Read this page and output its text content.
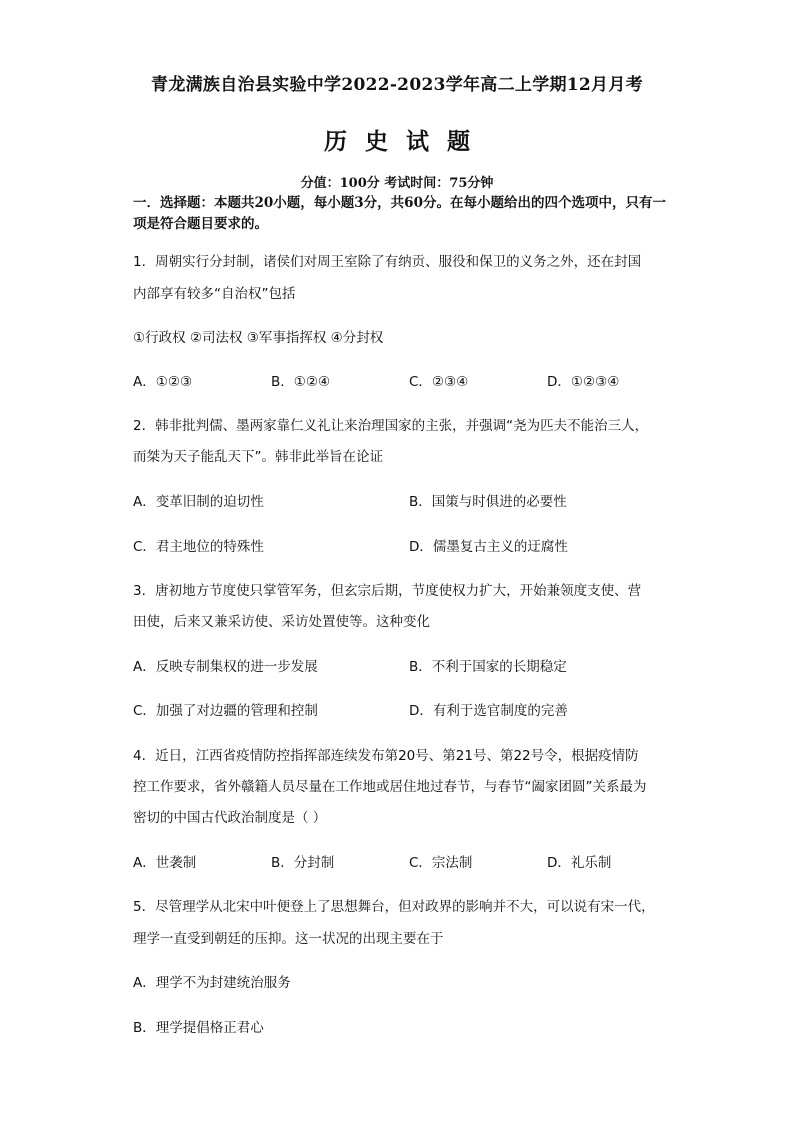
青龙满族自治县实验中学2022-2023学年高二上学期12月月考
历史试题
分值：100分 考试时间：75分钟
一．选择题：本题共20小题，每小题3分，共60分。在每小题给出的四个选项中，只有一项是符合题目要求的。
1．周朝实行分封制，诸侯们对周王室除了有纳贡、服役和保卫的义务之外，还在封国
内部享有较多“自治权”包括
①行政权 ②司法权 ③军事指挥权 ④分封权
A．①②③	B．①②④	C．②③④	D．①②③④
2．韩非批判儒、墨两家靠仁义礼让来治理国家的主张，并强调“尧为匹夫不能治三人，
而桀为天子能乱天下”。韩非此举旨在论证
A．变革旧制的迫切性	B．国策与时俱进的必要性
C．君主地位的特殊性	D．儒墨复古主义的迂腐性
3．唐初地方节度使只掌管军务，但玄宗后期，节度使权力扩大，开始兼领度支使、营
田使，后来又兼采访使、采访处置使等。这种变化
A．反映专制集权的进一步发展	B．不利于国家的长期稳定
C．加强了对边疆的管理和控制	D．有利于选官制度的完善
4．近日，江西省疫情防控指挥部连续发布第20号、第21号、第22号令，根据疫情防
控工作要求，省外赣籍人员尽量在工作地或居住地过春节，与春节“阖家团圆”关系最为
密切的中国古代政治制度是（ ）
A．世袭制	B．分封制	C．宗法制	D．礼乐制
5．尽管理学从北宋中叶便登上了思想舞台，但对政界的影响并不大，可以说有宋一代，
理学一直受到朝廷的压抑。这一状况的出现主要在于
A．理学不为封建统治服务
B．理学提倡格正君心
